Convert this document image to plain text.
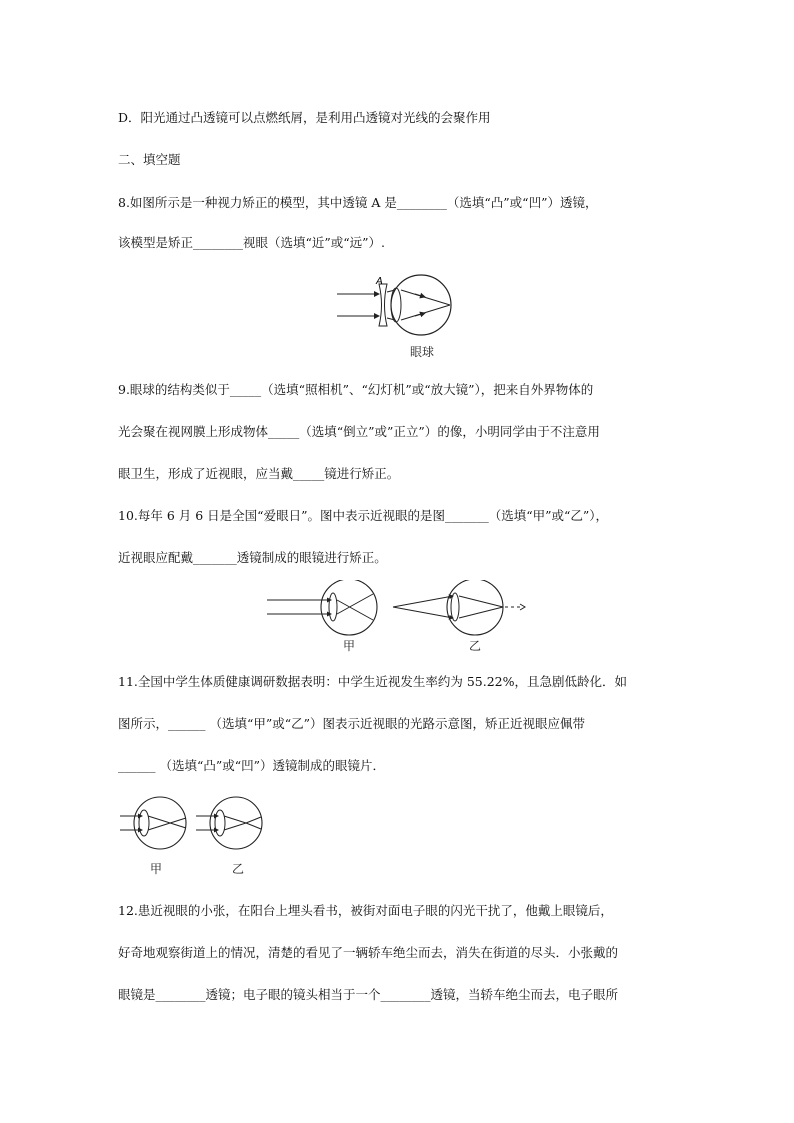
D．阳光通过凸透镜可以点燃纸屑，是利用凸透镜对光线的会聚作用
二、填空题
8.如图所示是一种视力矫正的模型，其中透镜 A 是________（选填“凸”或“凹”）透镜，
该模型是矫正________视眼（选填“近”或“远”）.
A
眼球
9.眼球的结构类似于_____（选填“照相机”、“幻灯机”或“放大镜”），把来自外界物体的
光会聚在视网膜上形成物体_____（选填“倒立”或”正立”）的像，小明同学由于不注意用
眼卫生，形成了近视眼，应当戴_____镜进行矫正。
10.每年 6 月 6 日是全国“爱眼日”。图中表示近视眼的是图_______（选填“甲”或“乙”），
近视眼应配戴_______透镜制成的眼镜进行矫正。
甲	乙
11.全国中学生体质健康调研数据表明：中学生近视发生率约为 55.22%，且急剧低龄化．如
图所示，______ （选填“甲”或“乙”）图表示近视眼的光路示意图，矫正近视眼应佩带
______ （选填“凸”或“凹”）透镜制成的眼镜片．
甲	乙
12.患近视眼的小张，在阳台上埋头看书，被街对面电子眼的闪光干扰了，他戴上眼镜后，
好奇地观察街道上的情况，清楚的看见了一辆轿车绝尘而去，消失在街道的尽头．小张戴的
眼镜是________透镜；电子眼的镜头相当于一个________透镜，当轿车绝尘而去，电子眼所
